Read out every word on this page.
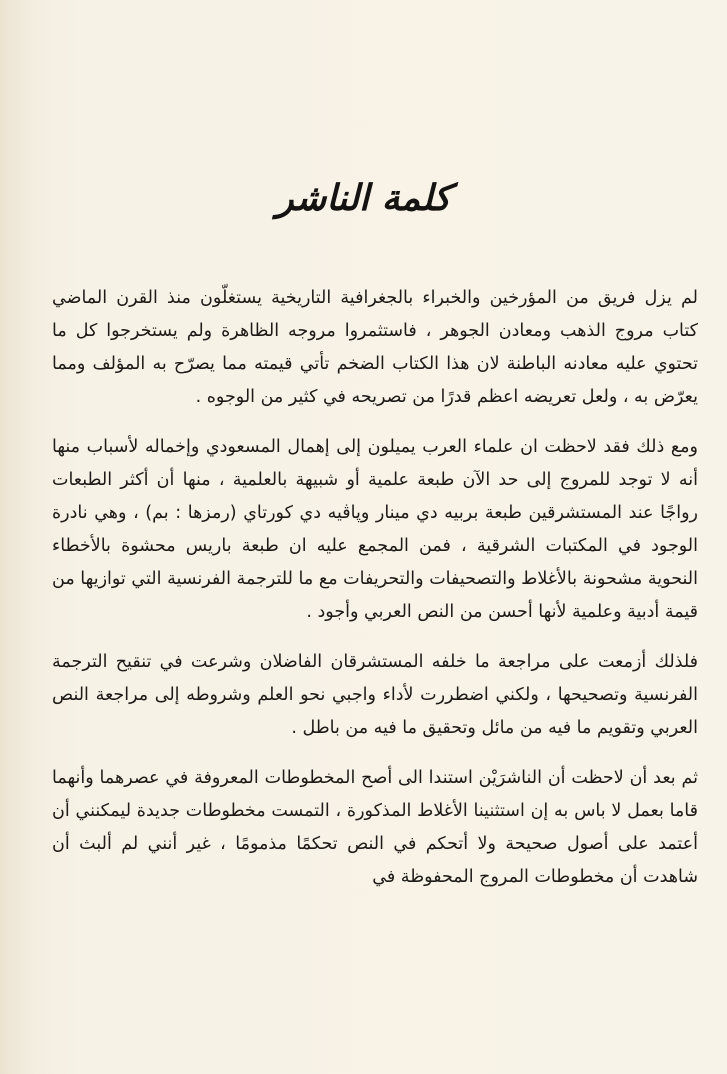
كلمة الناشر

لم يزل فريق من المؤرخين والخبراء بالجغرافية التاريخية يستغلّون منذ القرن الماضي كتاب مروج الذهب ومعادن الجوهر ، فاستثمروا مروجه الظاهرة ولم يستخرجوا كل ما تحتوي عليه معادنه الباطنة لان هذا الكتاب الضخم تأتي قيمته مما يصرّح به المؤلف ومما يعرّض به ، ولعل تعريضه اعظم قدرًا من تصريحه في كثير من الوجوه .

ومع ذلك فقد لاحظت ان علماء العرب يميلون إلى إهمال المسعودي وإخماله لأسباب منها أنه لا توجد للمروج إلى حد الآن طبعة علمية أو شبيهة بالعلمية ، منها أن أكثر الطبعات رواجًا عند المستشرقين طبعة بربيه دي مينار وپاڤيه دي كورتاي (رمزها : بم) ، وهي نادرة الوجود في المكتبات الشرقية ، فمن المجمع عليه ان طبعة باريس محشوة بالأخطاء النحوية مشحونة بالأغلاط والتصحيفات والتحريفات مع ما للترجمة الفرنسية التي توازيها من قيمة أدبية وعلمية لأنها أحسن من النص العربي وأجود .

فلذلك أزمعت على مراجعة ما خلفه المستشرقان الفاضلان وشرعت في تنقيح الترجمة الفرنسية وتصحيحها ، ولكني اضطررت لأداء واجبي نحو العلم وشروطه إلى مراجعة النص العربي وتقويم ما فيه من مائل وتحقيق ما فيه من باطل .

ثم بعد أن لاحظت أن الناشرَيْن استندا الى أصح المخطوطات المعروفة في عصرهما وأنهما قاما بعمل لا باس به إن استثنينا الأغلاط المذكورة ، التمست مخطوطات جديدة ليمكنني أن أعتمد على أصول صحيحة ولا أتحكم في النص تحكمًا مذمومًا ، غير أنني لم ألبث أن شاهدت أن مخطوطات المروج المحفوظة في
